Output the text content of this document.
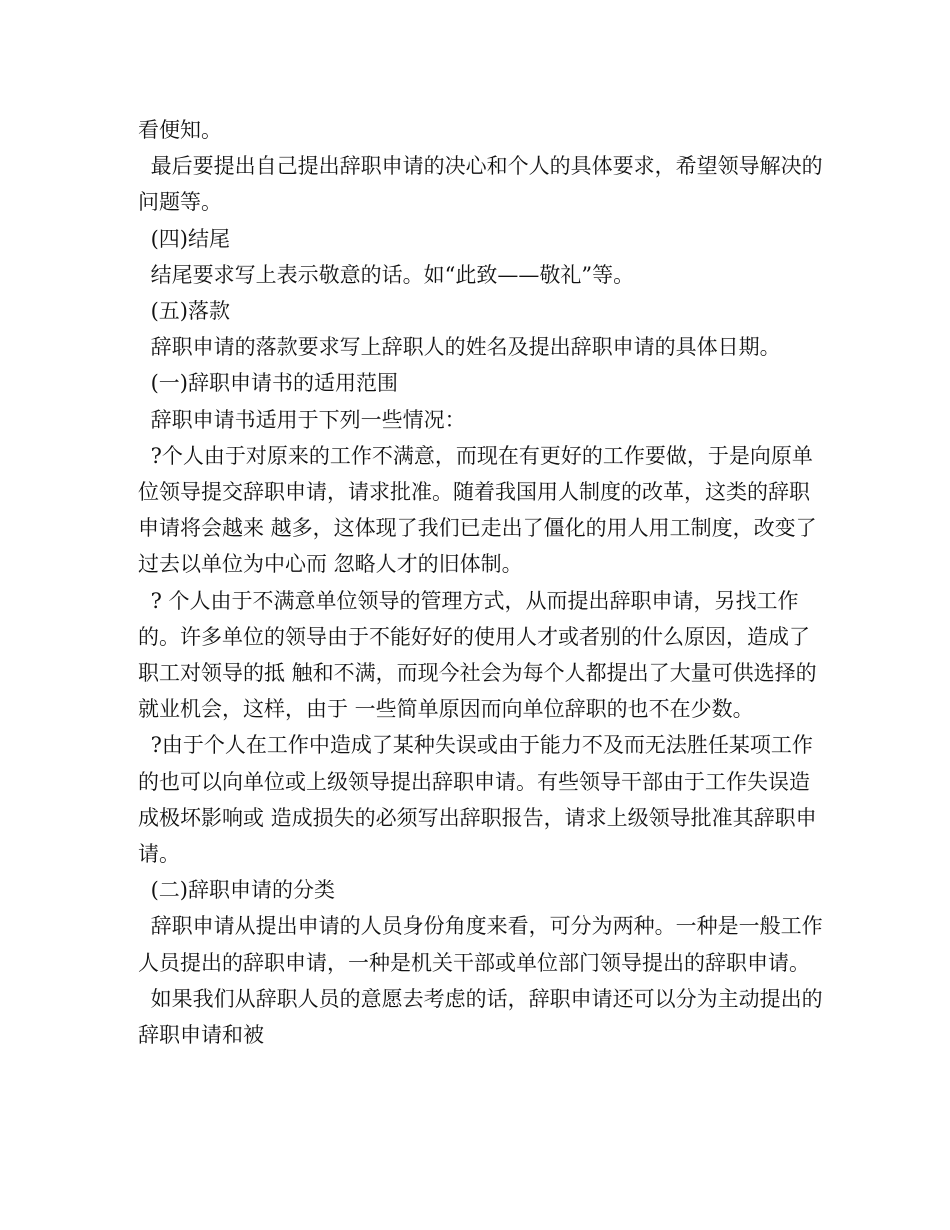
看便知。

最后要提出自己提出辞职申请的决心和个人的具体要求，希望领导解决的问题等。

(四)结尾

结尾要求写上表示敬意的话。如“此致——敬礼”等。

(五)落款

辞职申请的落款要求写上辞职人的姓名及提出辞职申请的具体日期。

(一)辞职申请书的适用范围

辞职申请书适用于下列一些情况：

?个人由于对原来的工作不满意，而现在有更好的工作要做，于是向原单位领导提交辞职申请，请求批准。随着我国用人制度的改革，这类的辞职申请将会越来 越多，这体现了我们已走出了僵化的用人用工制度，改变了过去以单位为中心而 忽略人才的旧体制。

? 个人由于不满意单位领导的管理方式，从而提出辞职申请，另找工作的。许多单位的领导由于不能好好的使用人才或者别的什么原因，造成了职工对领导的抵 触和不满，而现今社会为每个人都提出了大量可供选择的就业机会，这样，由于 一些简单原因而向单位辞职的也不在少数。

?由于个人在工作中造成了某种失误或由于能力不及而无法胜任某项工作的也可以向单位或上级领导提出辞职申请。有些领导干部由于工作失误造成极坏影响或 造成损失的必须写出辞职报告，请求上级领导批准其辞职申请。

(二)辞职申请的分类

辞职申请从提出申请的人员身份角度来看，可分为两种。一种是一般工作人员提出的辞职申请，一种是机关干部或单位部门领导提出的辞职申请。

如果我们从辞职人员的意愿去考虑的话，辞职申请还可以分为主动提出的辞职申请和被
